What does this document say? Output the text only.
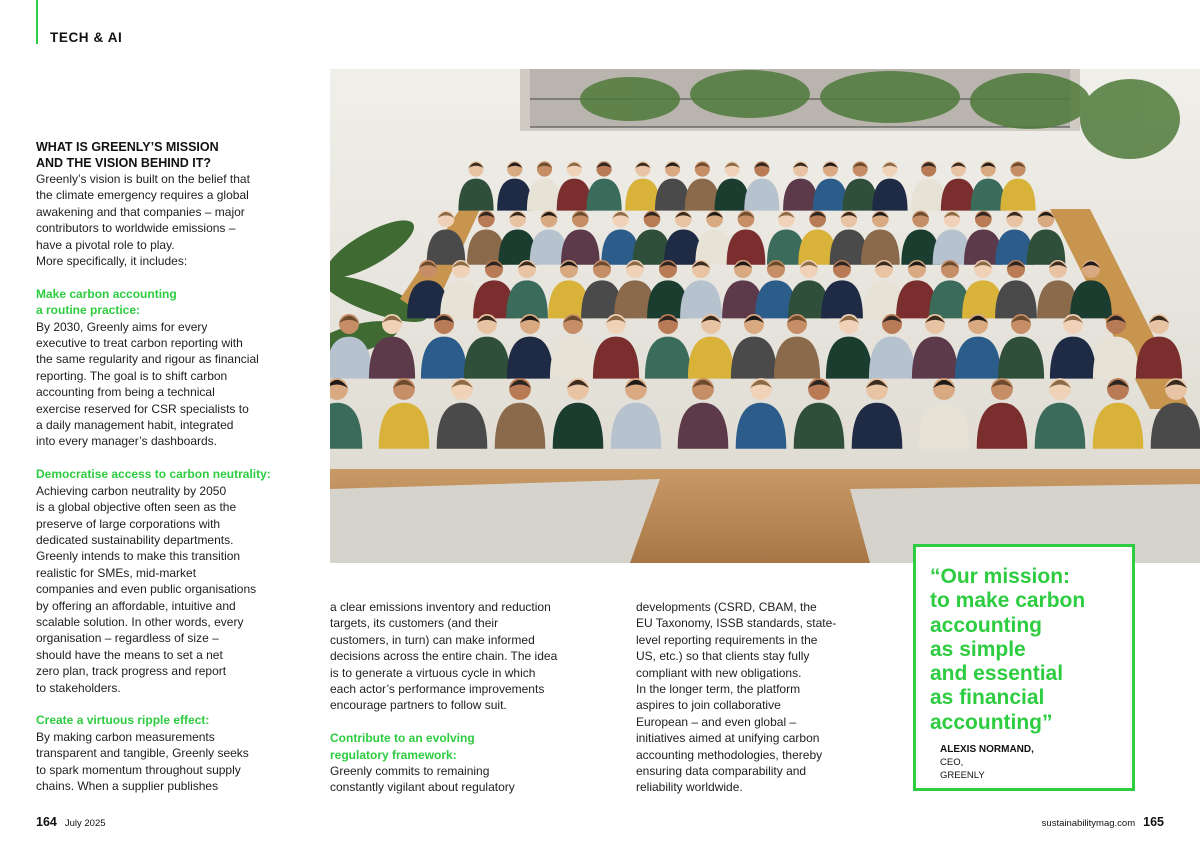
TECH & AI

WHAT IS GREENLY’S MISSION

AND THE VISION BEHIND IT?

Greenly’s vision is built on the belief that

the climate emergency requires a global

awakening and that companies – major

contributors to worldwide emissions –

have a pivotal role to play.

More specifically, it includes:

Make carbon accounting

a routine practice:

By 2030, Greenly aims for every

executive to treat carbon reporting with

the same regularity and rigour as financial

reporting. The goal is to shift carbon

accounting from being a technical

exercise reserved for CSR specialists to

a daily management habit, integrated

into every manager’s dashboards.

Democratise access to carbon neutrality:

Achieving carbon neutrality by 2050

is a global objective often seen as the

preserve of large corporations with

dedicated sustainability departments.

Greenly intends to make this transition

realistic for SMEs, mid-market

companies and even public organisations

by offering an affordable, intuitive and

scalable solution. In other words, every

organisation – regardless of size –

should have the means to set a net

zero plan, track progress and report

to stakeholders.

Create a virtuous ripple effect:

By making carbon measurements

transparent and tangible, Greenly seeks

to spark momentum throughout supply

chains. When a supplier publishes

a clear emissions inventory and reduction

targets, its customers (and their

customers, in turn) can make informed

decisions across the entire chain. The idea

is to generate a virtuous cycle in which

each actor’s performance improvements

encourage partners to follow suit.

Contribute to an evolving

regulatory framework:

Greenly commits to remaining

constantly vigilant about regulatory

developments (CSRD, CBAM, the

EU Taxonomy, ISSB standards, state-

level reporting requirements in the

US, etc.) so that clients stay fully

compliant with new obligations.

In the longer term, the platform

aspires to join collaborative

European – and even global –

initiatives aimed at unifying carbon

accounting methodologies, thereby

ensuring data comparability and

reliability worldwide.

“Our mission:
to make carbon
accounting
as simple
and essential
as financial
accounting”
ALEXIS NORMAND,
CEO,
GREENLY
164 July 2025	sustainabilitymag.com 165
